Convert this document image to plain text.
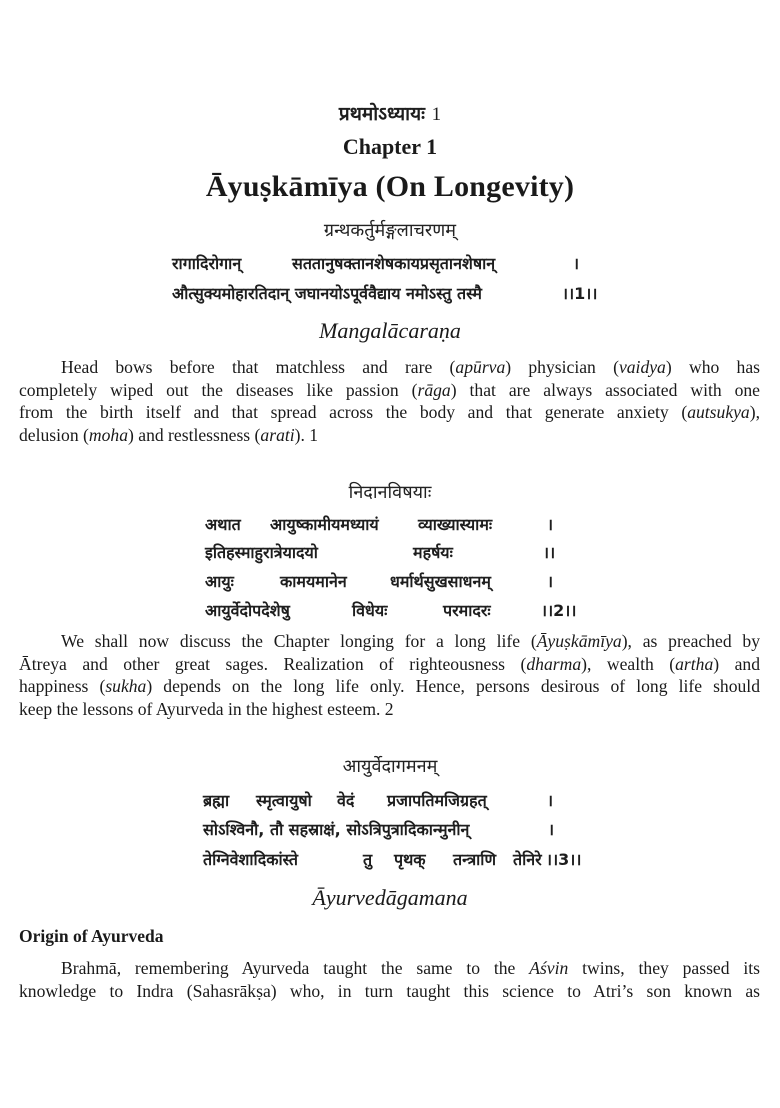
प्रथमोऽध्यायः 1
Chapter 1
Āyuṣkāmīya (On Longevity)
ग्रन्थकर्तुर्मङ्गलाचरणम्
रागादिरोगान्	सततानुषक्तानशेषकायप्रसृतानशेषान्	।
औत्सुक्यमोहारतिदान् जघानयोऽपूर्ववैद्याय नमोऽस्तु तस्मै	।।1।।
Mangalācaraṇa
Head bows before that matchless and rare (apūrva) physician (vaidya) who has
completely wiped out the diseases like passion (rāga) that are always associated with one
from the birth itself and that spread across the body and that generate anxiety (autsukya),
delusion (moha) and restlessness (arati). 1
निदानविषयाः
अथात आयुष्कामीयमध्यायं व्याख्यास्यामः	।
इतिहस्माहुरात्रेयादयो	महर्षयः	।।
आयुः	कामयमानेन	धर्मार्थसुखसाधनम्	।
आयुर्वेदोपदेशेषु	विधेयः	परमादरः	।।2।।
We shall now discuss the Chapter longing for a long life (Āyuṣkāmīya), as preached by
Ātreya and other great sages. Realization of righteousness (dharma), wealth (artha) and
happiness (sukha) depends on the long life only. Hence, persons desirous of long life should
keep the lessons of Ayurveda in the highest esteem. 2
आयुर्वेदागमनम्
ब्रह्मा स्मृत्वायुषो वेदं प्रजापतिमजिग्रहत्	।
सोऽश्विनौ, तौ सहस्राक्षं, सोऽत्रिपुत्रादिकान्मुनीन्	।
तेग्निवेशादिकांस्ते	तु पृथक् तन्त्राणि तेनिरे ।।3।।
Āyurvedāgamana
Origin of Ayurveda
Brahmā, remembering Ayurveda taught the same to the Aśvin twins, they passed its
knowledge to Indra (Sahasrākṣa) who, in turn taught this science to Atri’s son known as
